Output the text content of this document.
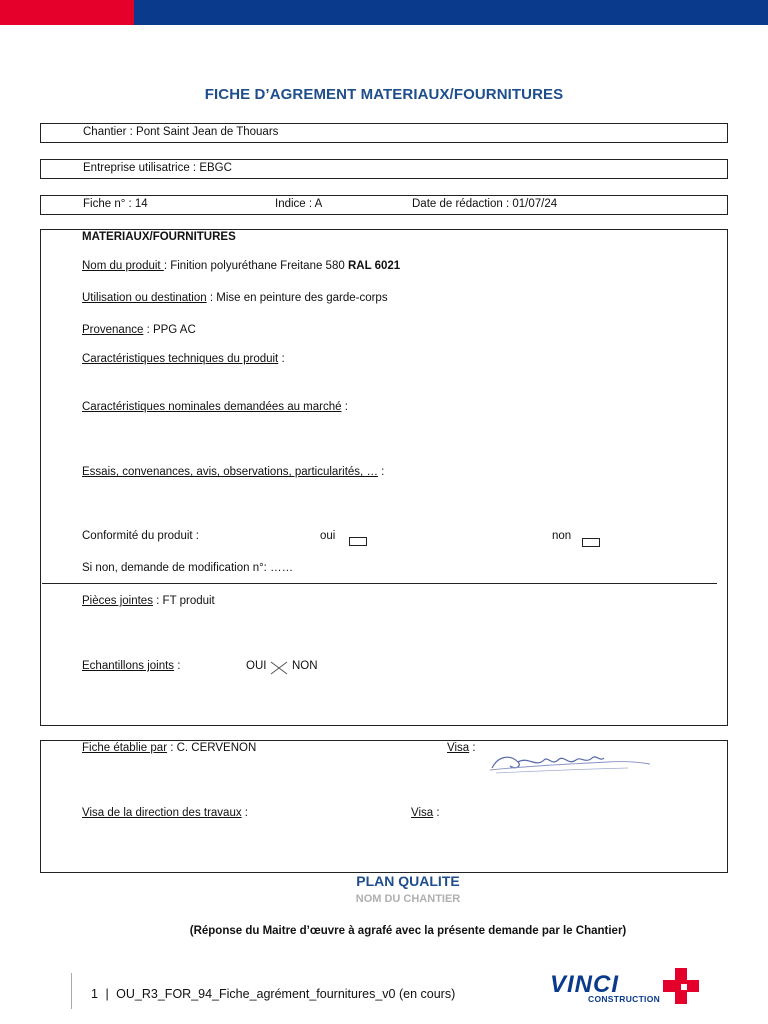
FICHE D’AGREMENT MATERIAUX/FOURNITURES
Chantier : Pont Saint Jean de Thouars
Entreprise utilisatrice : EBGC
Fiche n° : 14	Indice : A	Date de rédaction : 01/07/24
MATERIAUX/FOURNITURES
Nom du produit : Finition polyuréthane Freitane 580 RAL 6021
Utilisation ou destination : Mise en peinture des garde-corps
Provenance : PPG AC
Caractéristiques techniques du produit :
Caractéristiques nominales demandées au marché :
Essais, convenances, avis, observations, particularités, … :
Conformité du produit :	oui	non
Si non, demande de modification n°: ……
Pièces jointes : FT produit
Echantillons joints :	OUI NON
Fiche établie par : C. CERVENON	Visa :
Visa de la direction des travaux :	Visa :
PLAN QUALITE
NOM DU CHANTIER
(Réponse du Maitre d’œuvre à agrafé avec la présente demande par le Chantier)
1 | OU_R3_FOR_94_Fiche_agrément_fournitures_v0 (en cours)	VINCI
CONSTRUCTION
